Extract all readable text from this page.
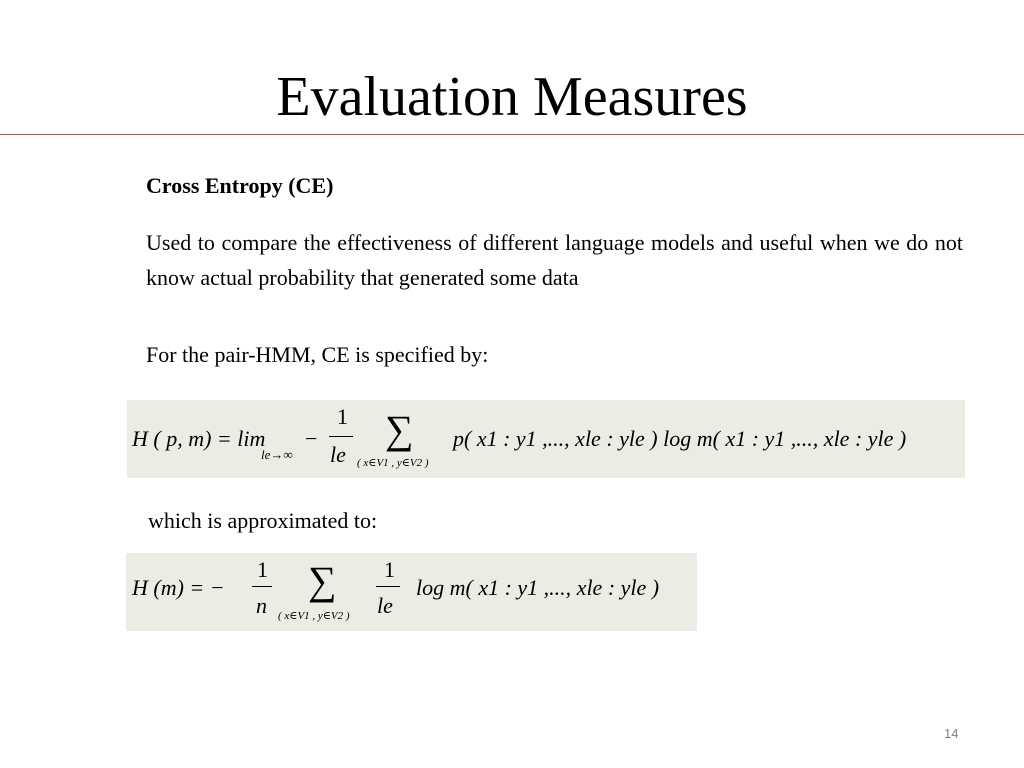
Evaluation Measures
Cross Entropy (CE)
Used to compare the effectiveness of different language models and useful when we do not know actual probability that generated some data
For the pair-HMM, CE is specified by:
H ( p, m) = lim
le→∞
−
1
le
∑
( x∈V1 , y∈V2 )
p( x1 : y1 ,..., xle : yle ) log m( x1 : y1 ,..., xle : yle )
which is approximated to:
H (m) = −
1
n
∑
( x∈V1 , y∈V2 )
1
le
log m( x1 : y1 ,..., xle : yle )
14
